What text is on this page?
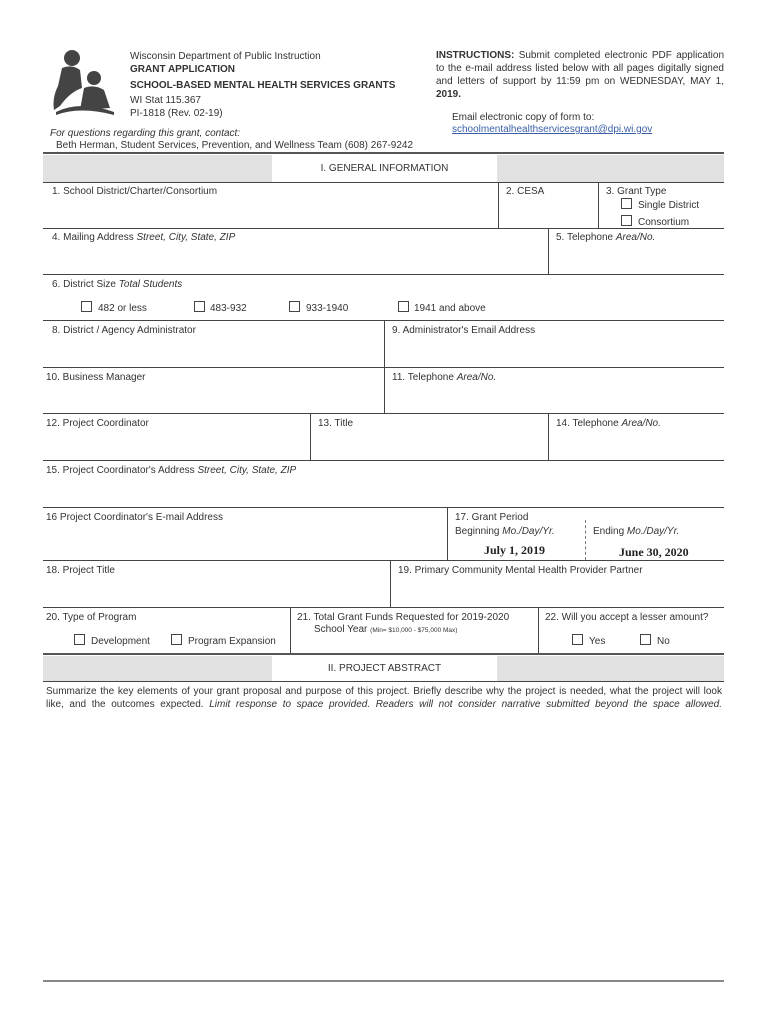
Wisconsin Department of Public Instruction
GRANT APPLICATION
SCHOOL-BASED MENTAL HEALTH SERVICES GRANTS
WI Stat 115.367
PI-1818 (Rev. 02-19)
For questions regarding this grant, contact:
Beth Herman, Student Services, Prevention, and Wellness Team (608) 267-9242
INSTRUCTIONS: Submit completed electronic PDF application
to the e-mail address listed below with all pages digitally signed
and letters of support by 11:59 pm on WEDNESDAY, MAY 1,
2019.
Email electronic copy of form to:
schoolmentalhealthservicesgrant@dpi.wi.gov
I. GENERAL INFORMATION
1. School District/Charter/Consortium	2. CESA	3. Grant Type
Single District
Consortium
4. Mailing Address Street, City, State, ZIP	5. Telephone Area/No.
6. District Size Total Students
482 or less	483-932	933-1940	1941 and above
8. District / Agency Administrator	9. Administrator's Email Address
10. Business Manager	11. Telephone Area/No.
12. Project Coordinator	13. Title	14. Telephone Area/No.
15. Project Coordinator's Address Street, City, State, ZIP
16 Project Coordinator's E-mail Address	17. Grant Period
Beginning Mo./Day/Yr.	Ending Mo./Day/Yr.
July 1, 2019	June 30, 2020
18. Project Title	19. Primary Community Mental Health Provider Partner
20. Type of Program
Development	Program Expansion
21. Total Grant Funds Requested for 2019-2020
School Year (Min= $10,000 - $75,000 Max)
22. Will you accept a lesser amount?
Yes	No
II. PROJECT ABSTRACT
Summarize the key elements of your grant proposal and purpose of this project. Briefly describe why the project is needed, what the project will look
like, and the outcomes expected. Limit response to space provided. Readers will not consider narrative submitted beyond the space allowed.
